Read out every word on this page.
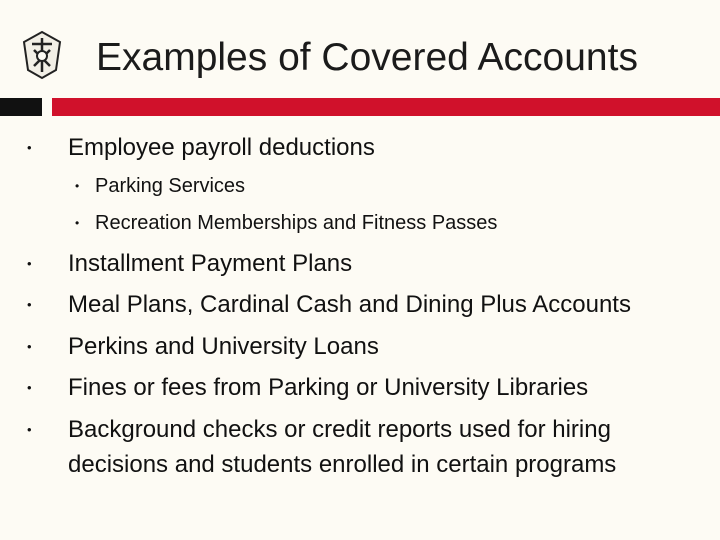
Examples of Covered Accounts
• Employee payroll deductions
• Parking Services
• Recreation Memberships and Fitness Passes
• Installment Payment Plans
• Meal Plans, Cardinal Cash and Dining Plus Accounts
• Perkins and University Loans
• Fines or fees from Parking or University Libraries
• Background checks or credit reports used for hiring
decisions and students enrolled in certain programs
